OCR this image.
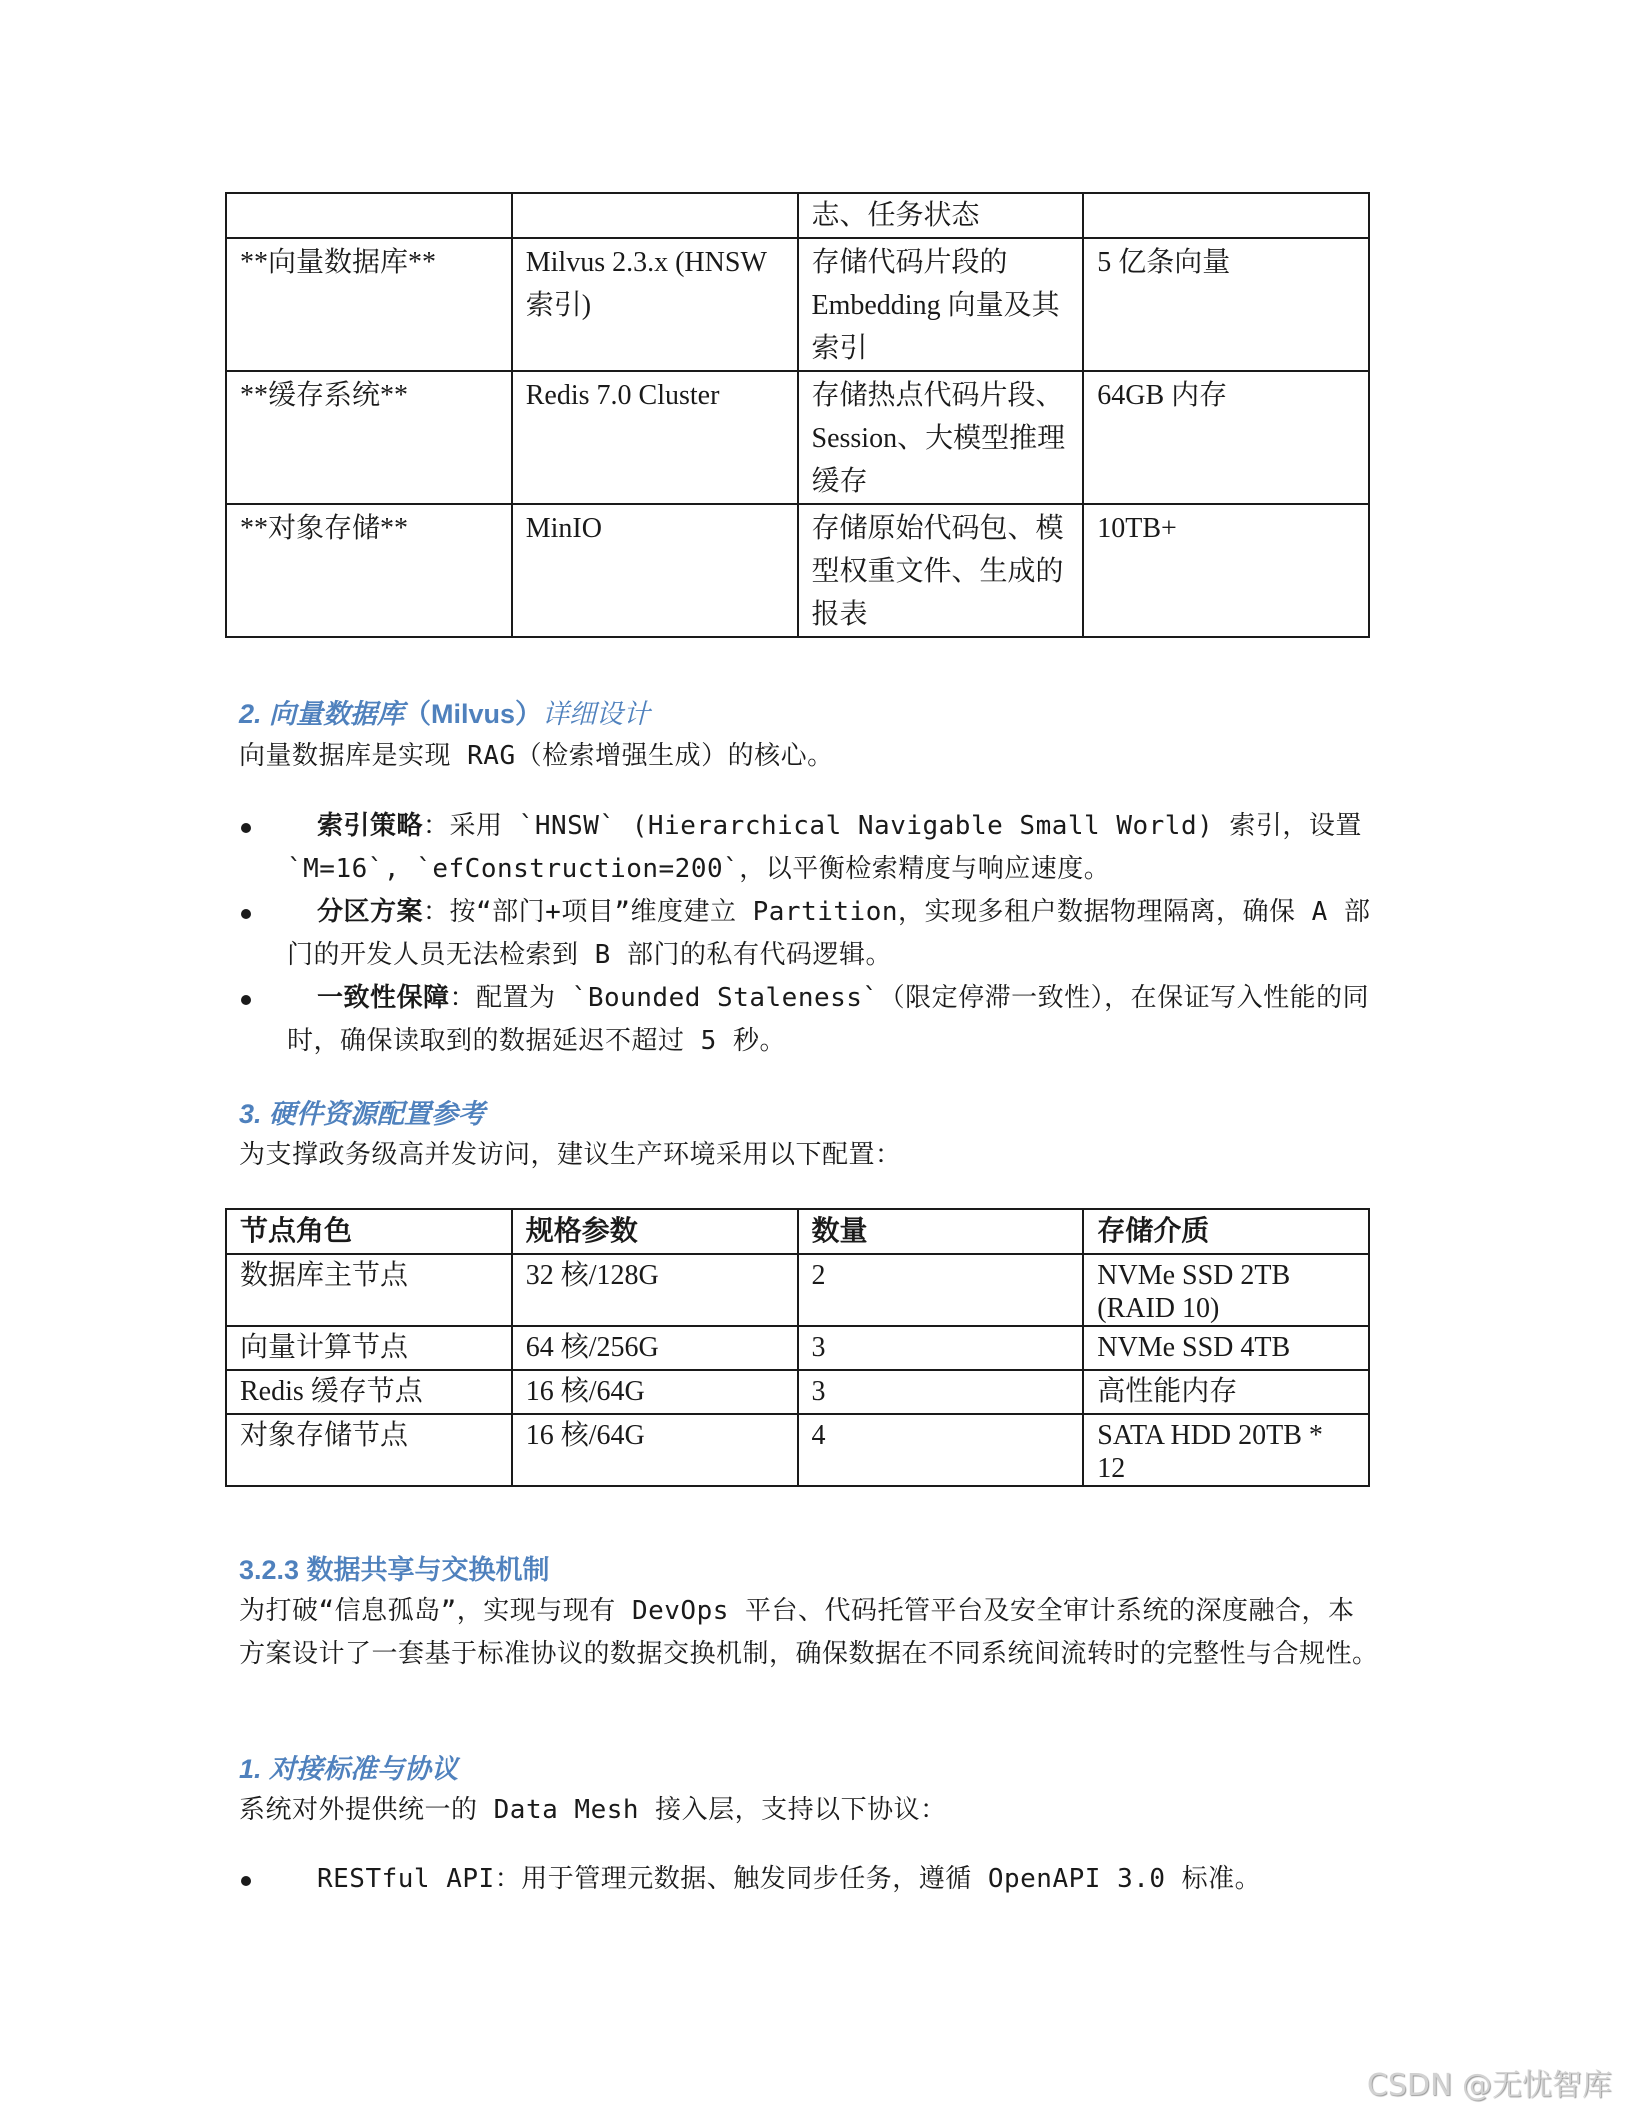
		志、任务状态	
**向量数据库**	Milvus 2.3.x (HNSW 索引)	存储代码片段的 Embedding 向量及其索引	5 亿条向量
**缓存系统**	Redis 7.0 Cluster	存储热点代码片段、Session、大模型推理缓存	64GB 内存
**对象存储**	MinIO	存储原始代码包、模型权重文件、生成的报表	10TB+
2. 向量数据库（Milvus）详细设计
向量数据库是实现 RAG（检索增强生成）的核心。
索引策略：采用 `HNSW` (Hierarchical Navigable Small World) 索引，设置 `M=16`, `efConstruction=200`，以平衡检索精度与响应速度。
分区方案：按“部门+项目”维度建立 Partition，实现多租户数据物理隔离，确保 A 部门的开发人员无法检索到 B 部门的私有代码逻辑。
一致性保障：配置为 `Bounded Staleness`（限定停滞一致性），在保证写入性能的同时，确保读取到的数据延迟不超过 5 秒。
3. 硬件资源配置参考
为支撑政务级高并发访问，建议生产环境采用以下配置：
节点角色	规格参数	数量	存储介质
数据库主节点	32 核/128G	2	NVMe SSD 2TB (RAID 10)
向量计算节点	64 核/256G	3	NVMe SSD 4TB
Redis 缓存节点	16 核/64G	3	高性能内存
对象存储节点	16 核/64G	4	SATA HDD 20TB * 12
3.2.3 数据共享与交换机制
为打破“信息孤岛”，实现与现有 DevOps 平台、代码托管平台及安全审计系统的深度融合，本方案设计了一套基于标准协议的数据交换机制，确保数据在不同系统间流转时的完整性与合规性。
1. 对接标准与协议
系统对外提供统一的 Data Mesh 接入层，支持以下协议：
RESTful API：用于管理元数据、触发同步任务，遵循 OpenAPI 3.0 标准。
CSDN @无忧智库
